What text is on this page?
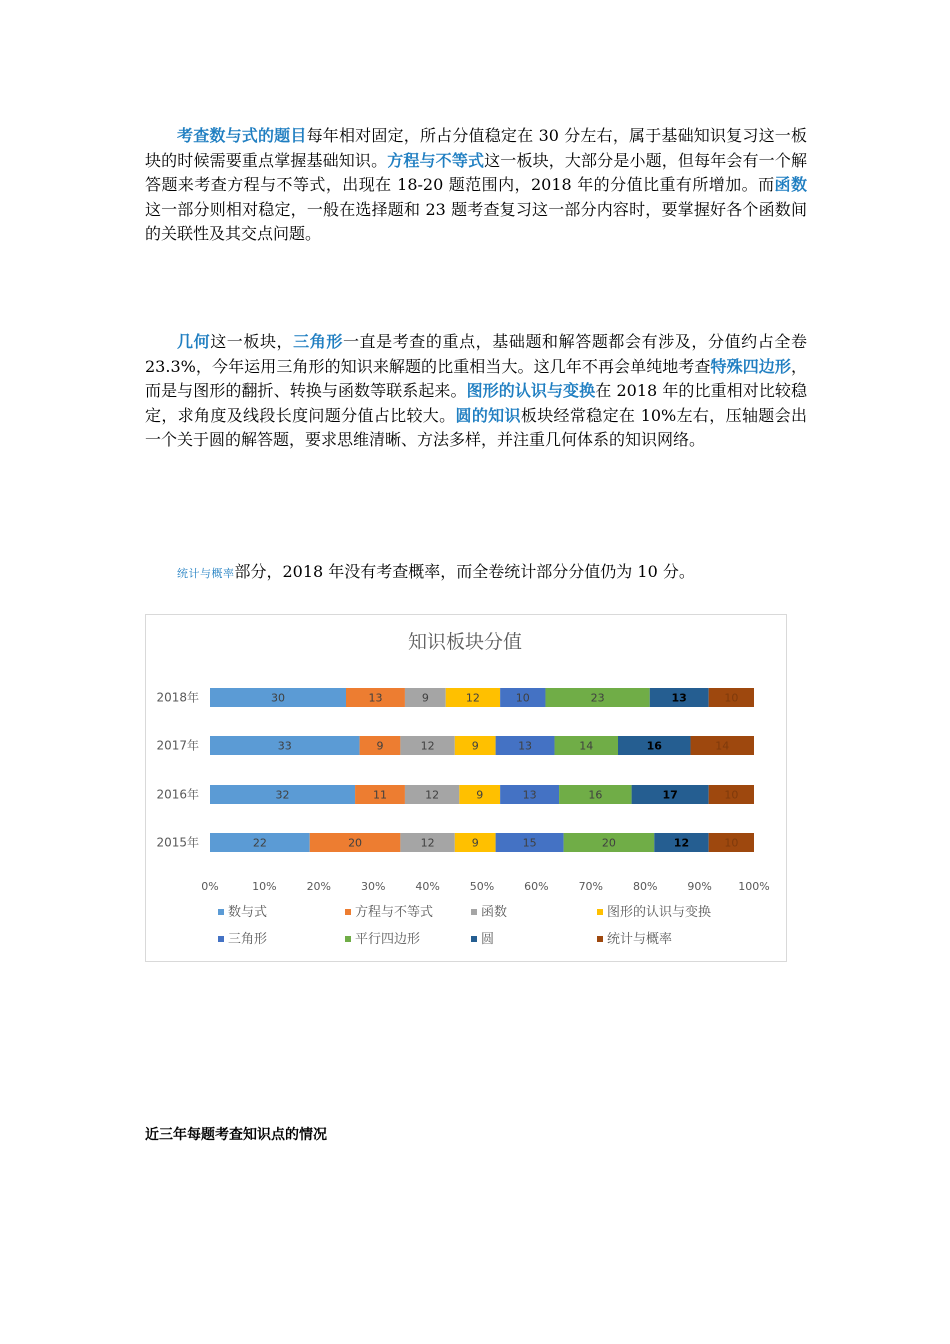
考查数与式的题目每年相对固定，所占分值稳定在 30 分左右，属于基础知识复习这一板块的时候需要重点掌握基础知识。方程与不等式这一板块，大部分是小题，但每年会有一个解答题来考查方程与不等式，出现在 18-20 题范围内，2018 年的分值比重有所增加。而函数这一部分则相对稳定，一般在选择题和 23 题考查复习这一部分内容时，要掌握好各个函数间的关联性及其交点问题。

几何这一板块，三角形一直是考查的重点，基础题和解答题都会有涉及，分值约占全卷 23.3%，今年运用三角形的知识来解题的比重相当大。这几年不再会单纯地考查特殊四边形，而是与图形的翻折、转换与函数等联系起来。图形的认识与变换在 2018 年的比重相对比较稳定，求角度及线段长度问题分值占比较大。圆的知识板块经常稳定在 10%左右，压轴题会出一个关于圆的解答题，要求思维清晰、方法多样，并注重几何体系的知识网络。

统计与概率部分，2018 年没有考查概率，而全卷统计部分分值仍为 10 分。

知识板块分值
2018年	30	13	9	12	10	23	13	10
2017年	33	9	12	9	13	14	16	14
2016年	32	11	12	9	13	16	17	10
2015年	22	20	12	9	15	20	12	10
0%	10%	20%	30%	40%	50%	60%	70%	80%	90% 100%
数与式	方程与不等式	函数	图形的认识与变换
三角形	平行四边形	圆	统计与概率
近三年每题考查知识点的情况
